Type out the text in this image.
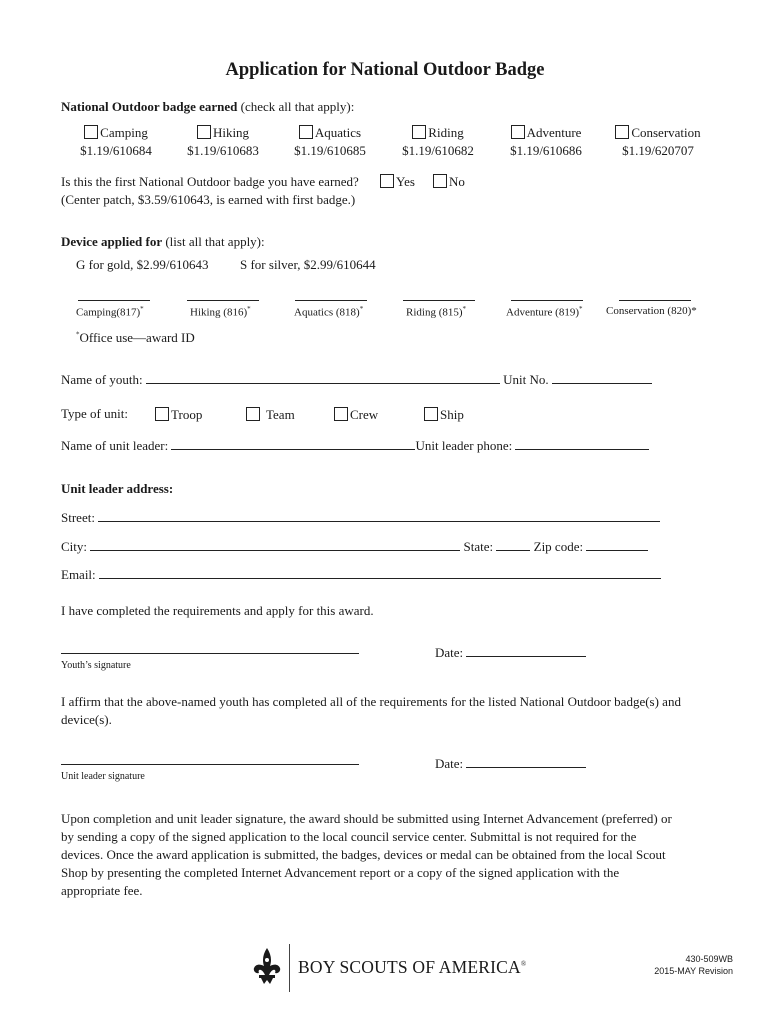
Application for National Outdoor Badge
National Outdoor badge earned (check all that apply):
Camping
$1.19/610684
Hiking
$1.19/610683
Aquatics
$1.19/610685
Riding
$1.19/610682
Adventure
$1.19/610686
Conservation
$1.19/620707
Is this the first National Outdoor badge you have earned?	Yes	No
(Center patch, $3.59/610643, is earned with first badge.)
Device applied for (list all that apply):
G for gold, $2.99/610643 S for silver, $2.99/610644
Camping(817)*	Hiking (816)*	Aquatics (818)*	Riding (815)*	Adventure (819)* Conservation (820)*
*Office use—award ID
Name of youth:	Unit No.
Type of unit:	Troop	Team	Crew	Ship
Name of unit leader:	Unit leader phone:
Unit leader address:
Street:
City:	State:	Zip code:
Email:
I have completed the requirements and apply for this award.
Youth’s signature
Date:
I affirm that the above-named youth has completed all of the requirements for the listed National Outdoor badge(s) and device(s).
Unit leader signature
Date:
Upon completion and unit leader signature, the award should be submitted using Internet Advancement (preferred) or by sending a copy of the signed application to the local council service center. Submittal is not required for the devices. Once the award application is submitted, the badges, devices or medal can be obtained from the local Scout Shop by presenting the completed Internet Advancement report or a copy of the signed application with the appropriate fee.
BOY SCOUTS OF AMERICA®
430-509WB
2015-MAY Revision
